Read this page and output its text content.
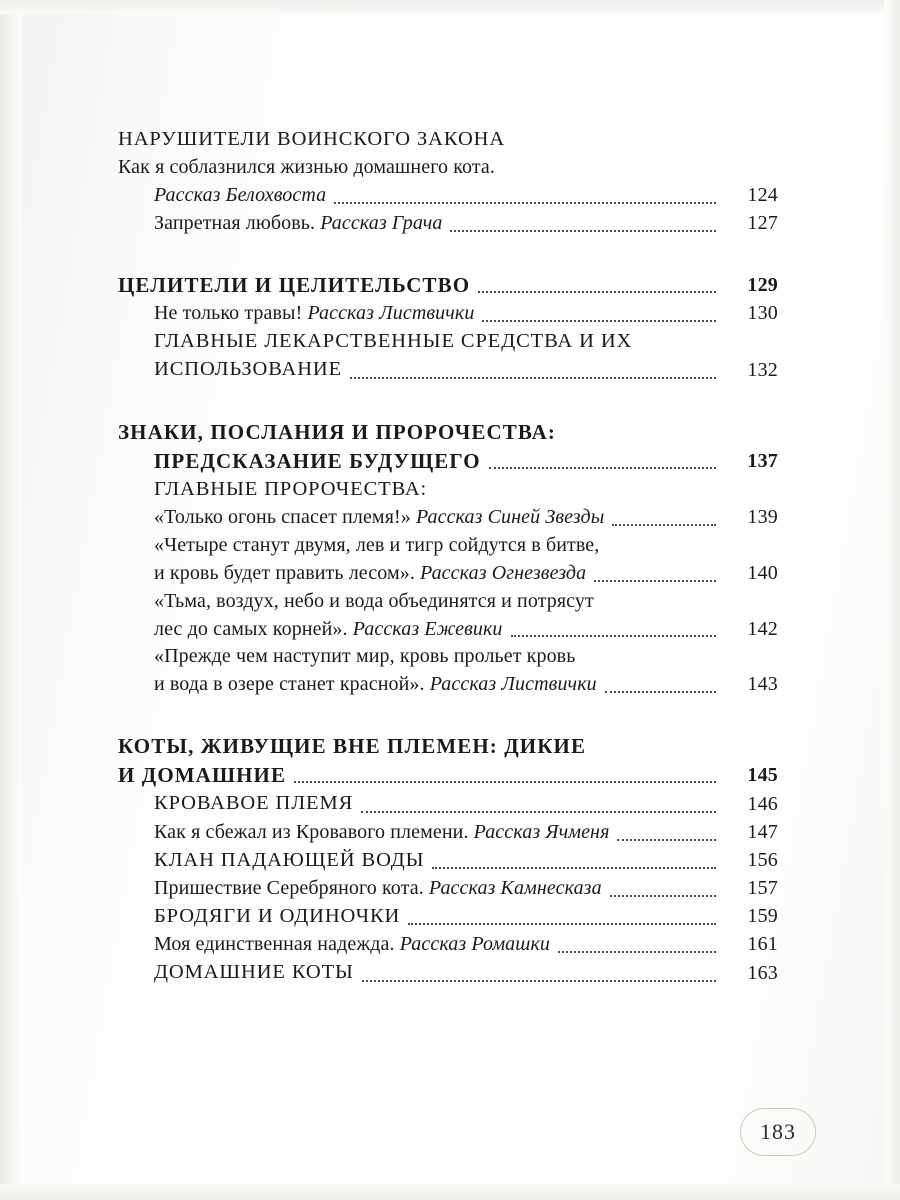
НАРУШИТЕЛИ ВОИНСКОГО ЗАКОНА
Как я соблазнился жизнью домашнего кота.
Рассказ Белохвоста	124
Запретная любовь. Рассказ Грача	127
ЦЕЛИТЕЛИ И ЦЕЛИТЕЛЬСТВО	129
Не только травы! Рассказ Листвички	130
ГЛАВНЫЕ ЛЕКАРСТВЕННЫЕ СРЕДСТВА И ИХ
ИСПОЛЬЗОВАНИЕ	132
ЗНАКИ, ПОСЛАНИЯ И ПРОРОЧЕСТВА:
ПРЕДСКАЗАНИЕ БУДУЩЕГО	137
ГЛАВНЫЕ ПРОРОЧЕСТВА:
«Только огонь спасет племя!» Рассказ Синей Звезды	139
«Четыре станут двумя, лев и тигр сойдутся в битве,
и кровь будет править лесом». Рассказ Огнезвезда	140
«Тьма, воздух, небо и вода объединятся и потрясут
лес до самых корней». Рассказ Ежевики	142
«Прежде чем наступит мир, кровь прольет кровь
и вода в озере станет красной». Рассказ Листвички	143
КОТЫ, ЖИВУЩИЕ ВНЕ ПЛЕМЕН: ДИКИЕ
И ДОМАШНИЕ	145
КРОВАВОЕ ПЛЕМЯ	146
Как я сбежал из Кровавого племени. Рассказ Ячменя	147
КЛАН ПАДАЮЩЕЙ ВОДЫ	156
Пришествие Серебряного кота. Рассказ Камнесказа	157
БРОДЯГИ И ОДИНОЧКИ	159
Моя единственная надежда. Рассказ Ромашки	161
ДОМАШНИЕ КОТЫ	163
183
